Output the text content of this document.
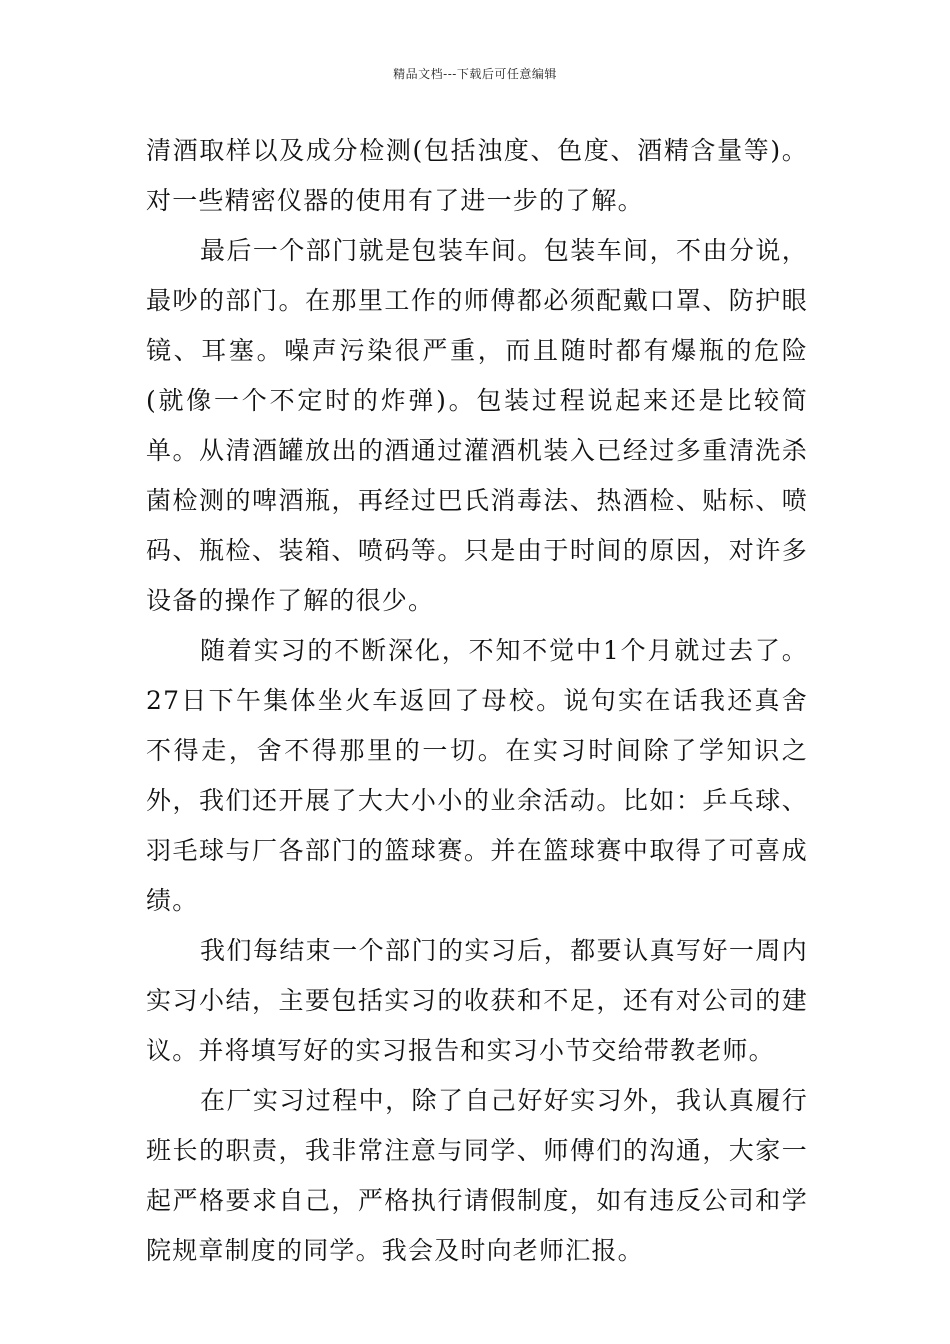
精品文档---下载后可任意编辑

清酒取样以及成分检测(包括浊度、色度、酒精含量等)。对一些精密仪器的使用有了进一步的了解。

最后一个部门就是包装车间。包装车间，不由分说，最吵的部门。在那里工作的师傅都必须配戴口罩、防护眼镜、耳塞。噪声污染很严重，而且随时都有爆瓶的危险(就像一个不定时的炸弹)。包装过程说起来还是比较简单。从清酒罐放出的酒通过灌酒机装入已经过多重清洗杀菌检测的啤酒瓶，再经过巴氏消毒法、热酒检、贴标、喷码、瓶检、装箱、喷码等。只是由于时间的原因，对许多设备的操作了解的很少。

随着实习的不断深化，不知不觉中1个月就过去了。27日下午集体坐火车返回了母校。说句实在话我还真舍不得走，舍不得那里的一切。在实习时间除了学知识之外，我们还开展了大大小小的业余活动。比如：乒乓球、羽毛球与厂各部门的篮球赛。并在篮球赛中取得了可喜成绩。

我们每结束一个部门的实习后，都要认真写好一周内实习小结，主要包括实习的收获和不足，还有对公司的建议。并将填写好的实习报告和实习小节交给带教老师。

在厂实习过程中，除了自己好好实习外，我认真履行班长的职责，我非常注意与同学、师傅们的沟通，大家一起严格要求自己，严格执行请假制度，如有违反公司和学院规章制度的同学。我会及时向老师汇报。
